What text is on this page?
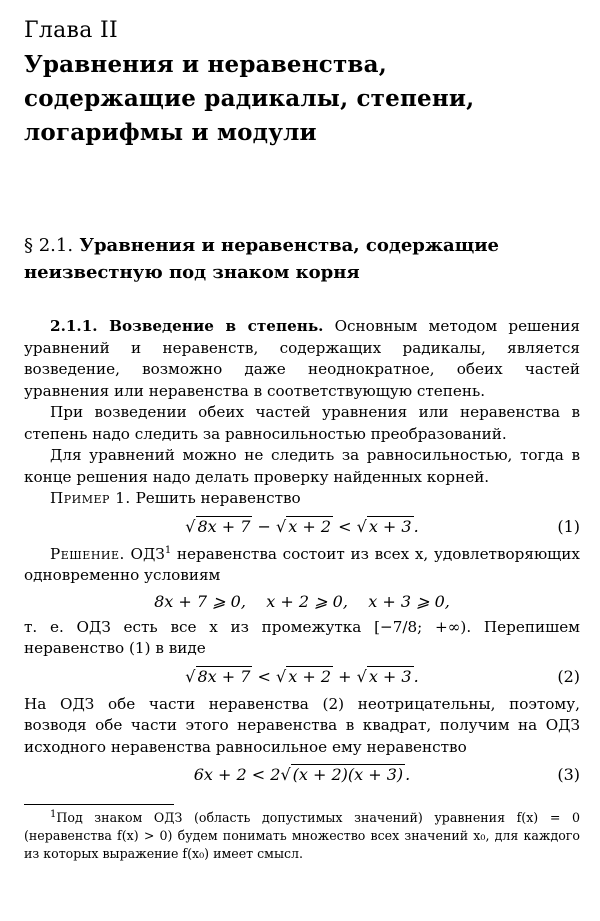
Глава II
Уравнения и неравенства,
содержащие радикалы, степени,
логарифмы и модули
§ 2.1. Уравнения и неравенства, содержащие неизвестную под знаком корня

2.1.1. Возведение в степень. Основным методом решения уравнений и неравенств, содержащих радикалы, является возведение, возможно даже неоднократное, обеих частей уравнения или неравенства в соответствующую степень.

При возведении обеих частей уравнения или неравенства в степень надо следить за равносильностью преобразований.

Для уравнений можно не следить за равносильностью, тогда в конце решения надо делать проверку найденных корней.

Пример 1. Решить неравенство

√ 8x + 7 − √ x + 2 < √ x + 3 .	(1)

Решение. ОДЗ$^1$ неравенства состоит из всех x, удовлетворяющих одновременно условиям

8x + 7 ⩾ 0,    x + 2 ⩾ 0,    x + 3 ⩾ 0,

т. е. ОДЗ есть все x из промежутка [−7/8; +∞). Перепишем неравенство (1) в виде

√ 8x + 7 < √ x + 2 + √ x + 3 .	(2)

На ОДЗ обе части неравенства (2) неотрицательны, поэтому, возводя обе части этого неравенства в квадрат, получим на ОДЗ исходного неравенства равносильное ему неравенство

6x + 2 < 2√ (x + 2)(x + 3) .	(3)

$^1$Под знаком ОДЗ (область допустимых значений) уравнения f(x) = 0 (неравенства f(x) > 0) будем понимать множество всех значений x₀, для каждого из которых выражение f(x₀) имеет смысл.
